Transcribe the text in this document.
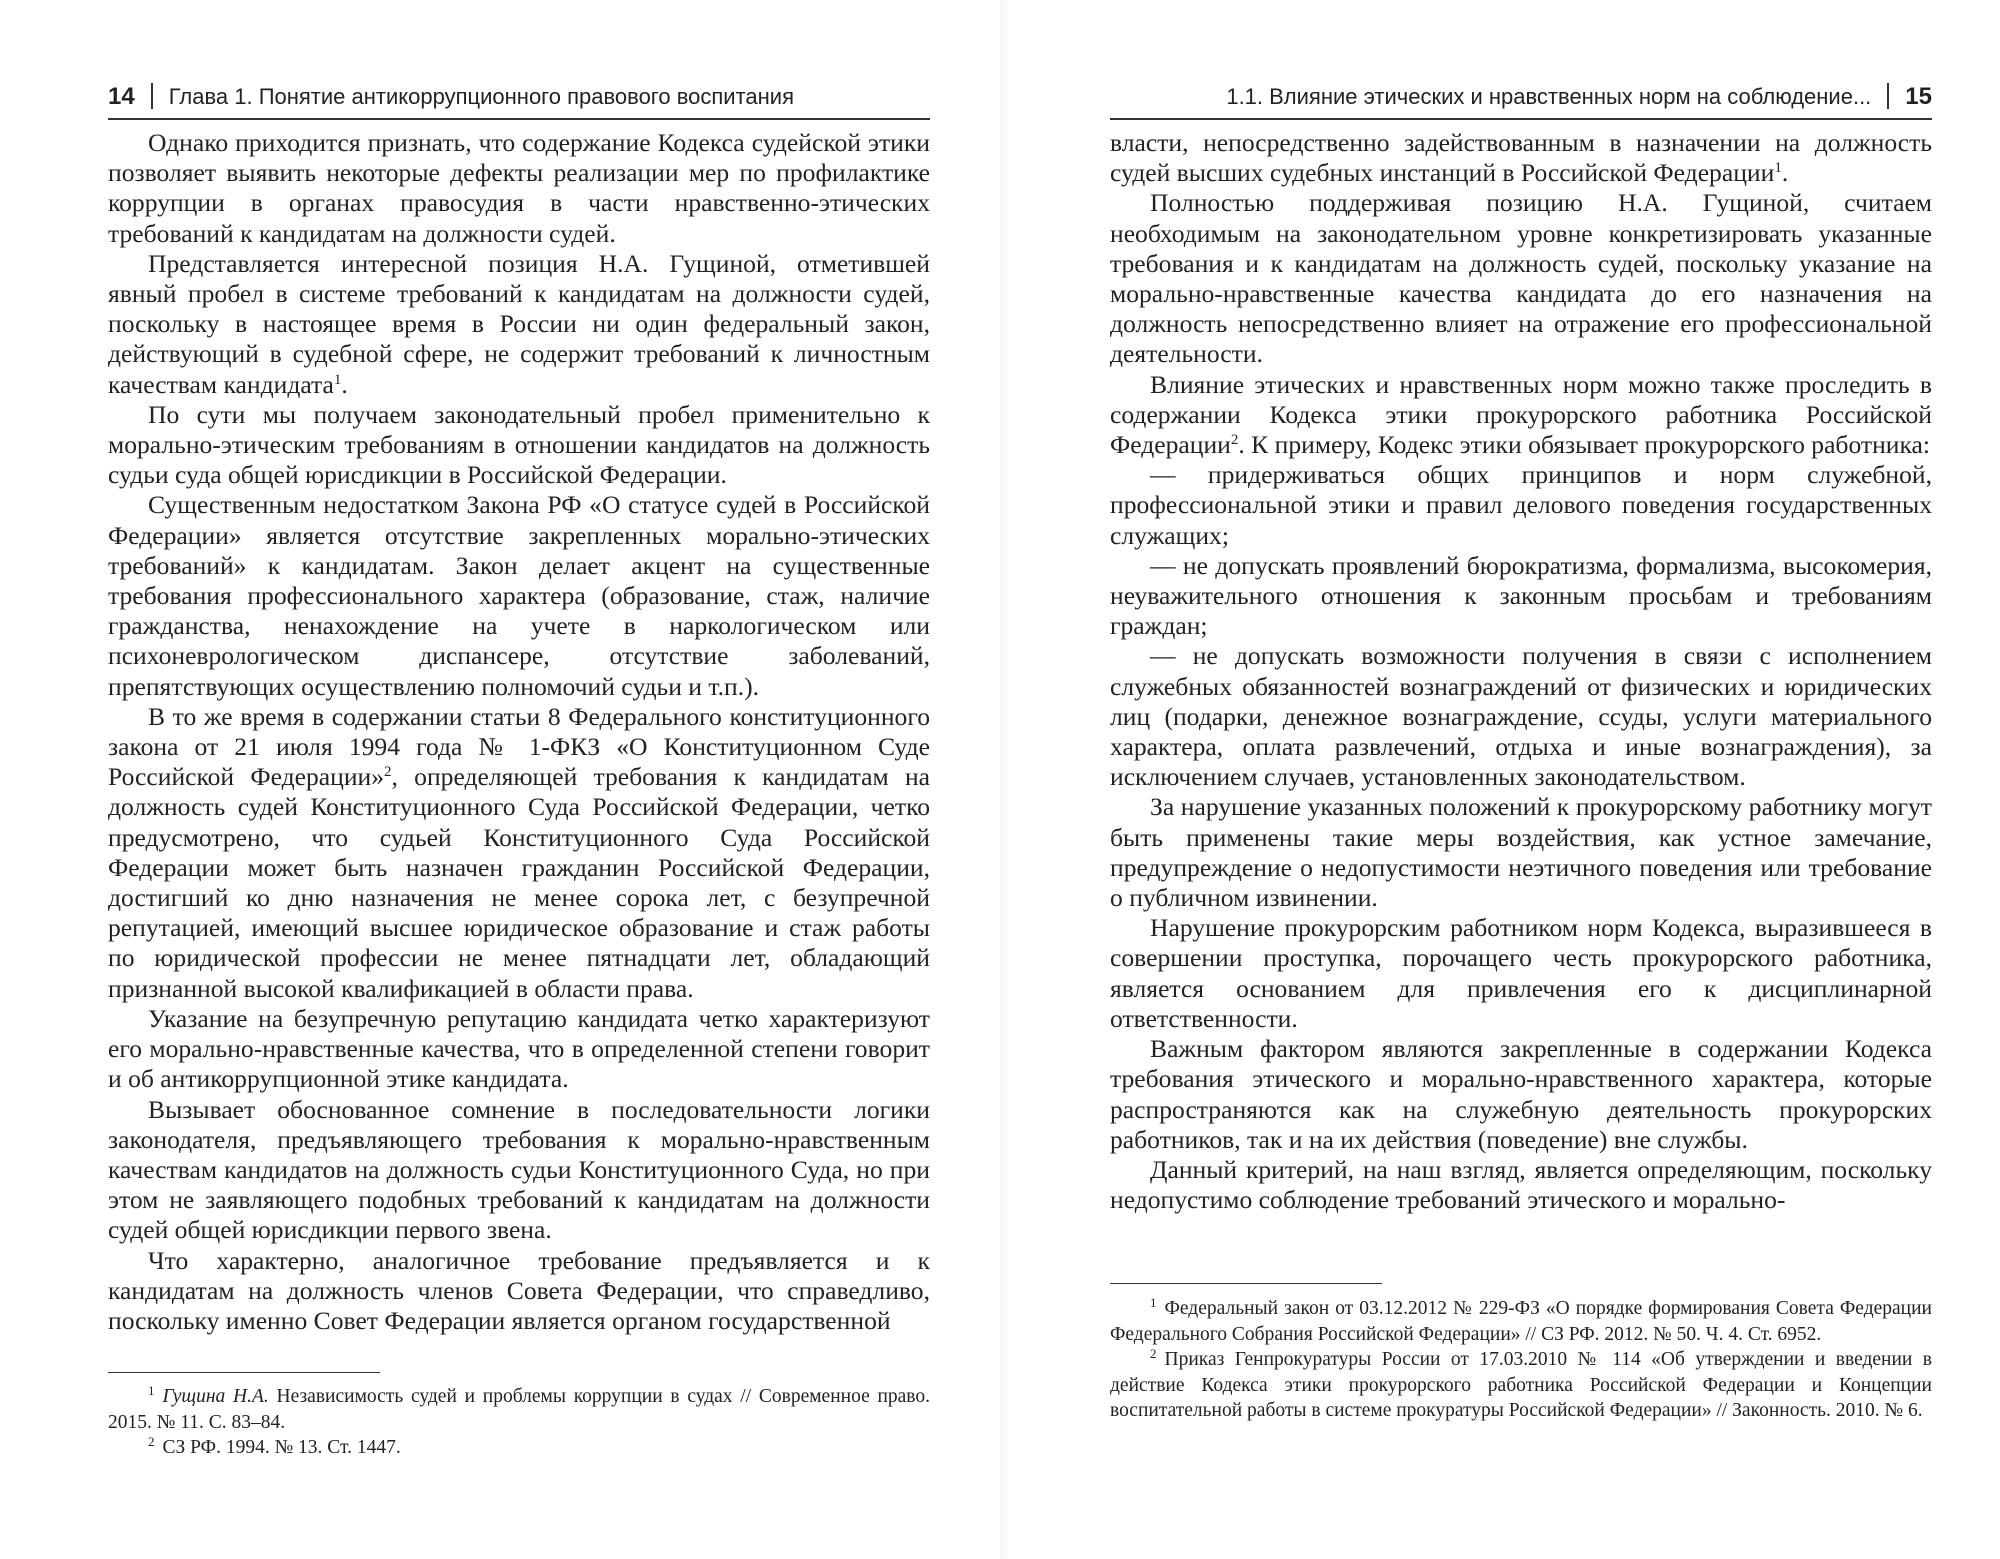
14 Глава 1. Понятие антикоррупционного правового воспитания

Однако приходится признать, что содержание Кодекса судейской этики позволяет выявить некоторые дефекты реализации мер по профилактике коррупции в органах правосудия в части нравственно-этических требований к кандидатам на должности судей.

Представляется интересной позиция Н.А. Гущиной, отметившей явный пробел в системе требований к кандидатам на должности судей, поскольку в настоящее время в России ни один федеральный закон, действующий в судебной сфере, не содержит требований к личностным качествам кандидата$^1$.

По сути мы получаем законодательный пробел применительно к морально-этическим требованиям в отношении кандидатов на должность судьи суда общей юрисдикции в Российской Федерации.

Существенным недостатком Закона РФ «О статусе судей в Российской Федерации» является отсутствие закрепленных морально-этических требований» к кандидатам. Закон делает акцент на существенные требования профессионального характера (образование, стаж, наличие гражданства, ненахождение на учете в наркологическом или психоневрологическом диспансере, отсутствие заболеваний, препятствующих осуществлению полномочий судьи и т.п.).

В то же время в содержании статьи 8 Федерального конституционного закона от 21 июля 1994 года № 1-ФКЗ «О Конституционном Суде Российской Федерации»$^2$, определяющей требования к кандидатам на должность судей Конституционного Суда Российской Федерации, четко предусмотрено, что судьей Конституционного Суда Российской Федерации может быть назначен гражданин Российской Федерации, достигший ко дню назначения не менее сорока лет, с безупречной репутацией, имеющий высшее юридическое образование и стаж работы по юридической профессии не менее пятнадцати лет, обладающий признанной высокой квалификацией в области права.

Указание на безупречную репутацию кандидата четко характеризуют его морально-нравственные качества, что в определенной степени говорит и об антикоррупционной этике кандидата.

Вызывает обоснованное сомнение в последовательности логики законодателя, предъявляющего требования к морально-нравственным качествам кандидатов на должность судьи Конституционного Суда, но при этом не заявляющего подобных требований к кандидатам на должности судей общей юрисдикции первого звена.

Что характерно, аналогичное требование предъявляется и к кандидатам на должность членов Совета Федерации, что справедливо, поскольку именно Совет Федерации является органом государственной

$^1$ Гущина Н.А. Независимость судей и проблемы коррупции в судах // Современное право. 2015. № 11. С. 83–84.

$^2$ СЗ РФ. 1994. № 13. Ст. 1447.

1.1. Влияние этических и нравственных норм на соблюдение... 15

власти, непосредственно задействованным в назначении на должность судей высших судебных инстанций в Российской Федерации$^1$.

Полностью поддерживая позицию Н.А. Гущиной, считаем необходимым на законодательном уровне конкретизировать указанные требования и к кандидатам на должность судей, поскольку указание на морально-нравственные качества кандидата до его назначения на должность непосредственно влияет на отражение его профессиональной деятельности.

Влияние этических и нравственных норм можно также проследить в содержании Кодекса этики прокурорского работника Российской Федерации$^2$. К примеру, Кодекс этики обязывает прокурорского работника:

— придерживаться общих принципов и норм служебной, профессиональной этики и правил делового поведения государственных служащих;

— не допускать проявлений бюрократизма, формализма, высокомерия, неуважительного отношения к законным просьбам и требованиям граждан;

— не допускать возможности получения в связи с исполнением служебных обязанностей вознаграждений от физических и юридических лиц (подарки, денежное вознаграждение, ссуды, услуги материального характера, оплата развлечений, отдыха и иные вознаграждения), за исключением случаев, установленных законодательством.

За нарушение указанных положений к прокурорскому работнику могут быть применены такие меры воздействия, как устное замечание, предупреждение о недопустимости неэтичного поведения или требование о публичном извинении.

Нарушение прокурорским работником норм Кодекса, выразившееся в совершении проступка, порочащего честь прокурорского работника, является основанием для привлечения его к дисциплинарной ответственности.

Важным фактором являются закрепленные в содержании Кодекса требования этического и морально-нравственного характера, которые распространяются как на служебную деятельность прокурорских работников, так и на их действия (поведение) вне службы.

Данный критерий, на наш взгляд, является определяющим, поскольку недопустимо соблюдение требований этического и морально-

$^1$ Федеральный закон от 03.12.2012 № 229-ФЗ «О порядке формирования Совета Федерации Федерального Собрания Российской Федерации» // СЗ РФ. 2012. № 50. Ч. 4. Ст. 6952.

$^2$ Приказ Генпрокуратуры России от 17.03.2010 № 114 «Об утверждении и введении в действие Кодекса этики прокурорского работника Российской Федерации и Концепции воспитательной работы в системе прокуратуры Российской Федерации» // Законность. 2010. № 6.
